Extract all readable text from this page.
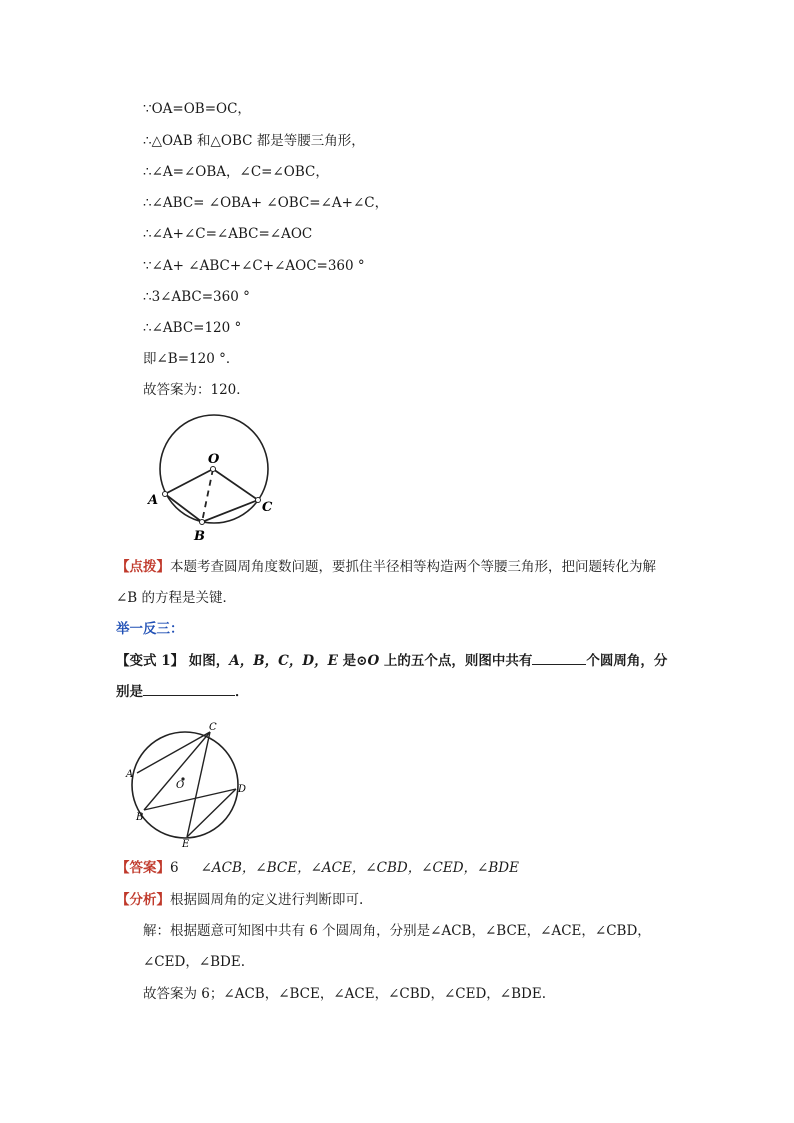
∵OA=OB=OC，
∴△OAB 和△OBC 都是等腰三角形，
∴∠A=∠OBA，∠C=∠OBC，
∴∠ABC= ∠OBA+ ∠OBC=∠A+∠C，
∴∠A+∠C=∠ABC=∠AOC
∵∠A+ ∠ABC+∠C+∠AOC=360 °
∴3∠ABC=360 °
∴∠ABC=120 °
即∠B=120 °．
故答案为：120．
O
A
B
C
【点拨】本题考查圆周角度数问题，要抓住半径相等构造两个等腰三角形，把问题转化为解
∠B 的方程是关键．
举一反三：
【变式 1】 如图，A，B，C，D，E 是⊙O 上的五个点，则图中共有	个圆周角，分
别是	．
C
A
O	D
B
E
【答案】6 ∠ACB，∠BCE，∠ACE，∠CBD，∠CED，∠BDE
【分析】根据圆周角的定义进行判断即可.
解：根据题意可知图中共有 6 个圆周角，分别是∠ACB，∠BCE，∠ACE，∠CBD，
∠CED，∠BDE.
故答案为 6；∠ACB，∠BCE，∠ACE，∠CBD，∠CED，∠BDE.
